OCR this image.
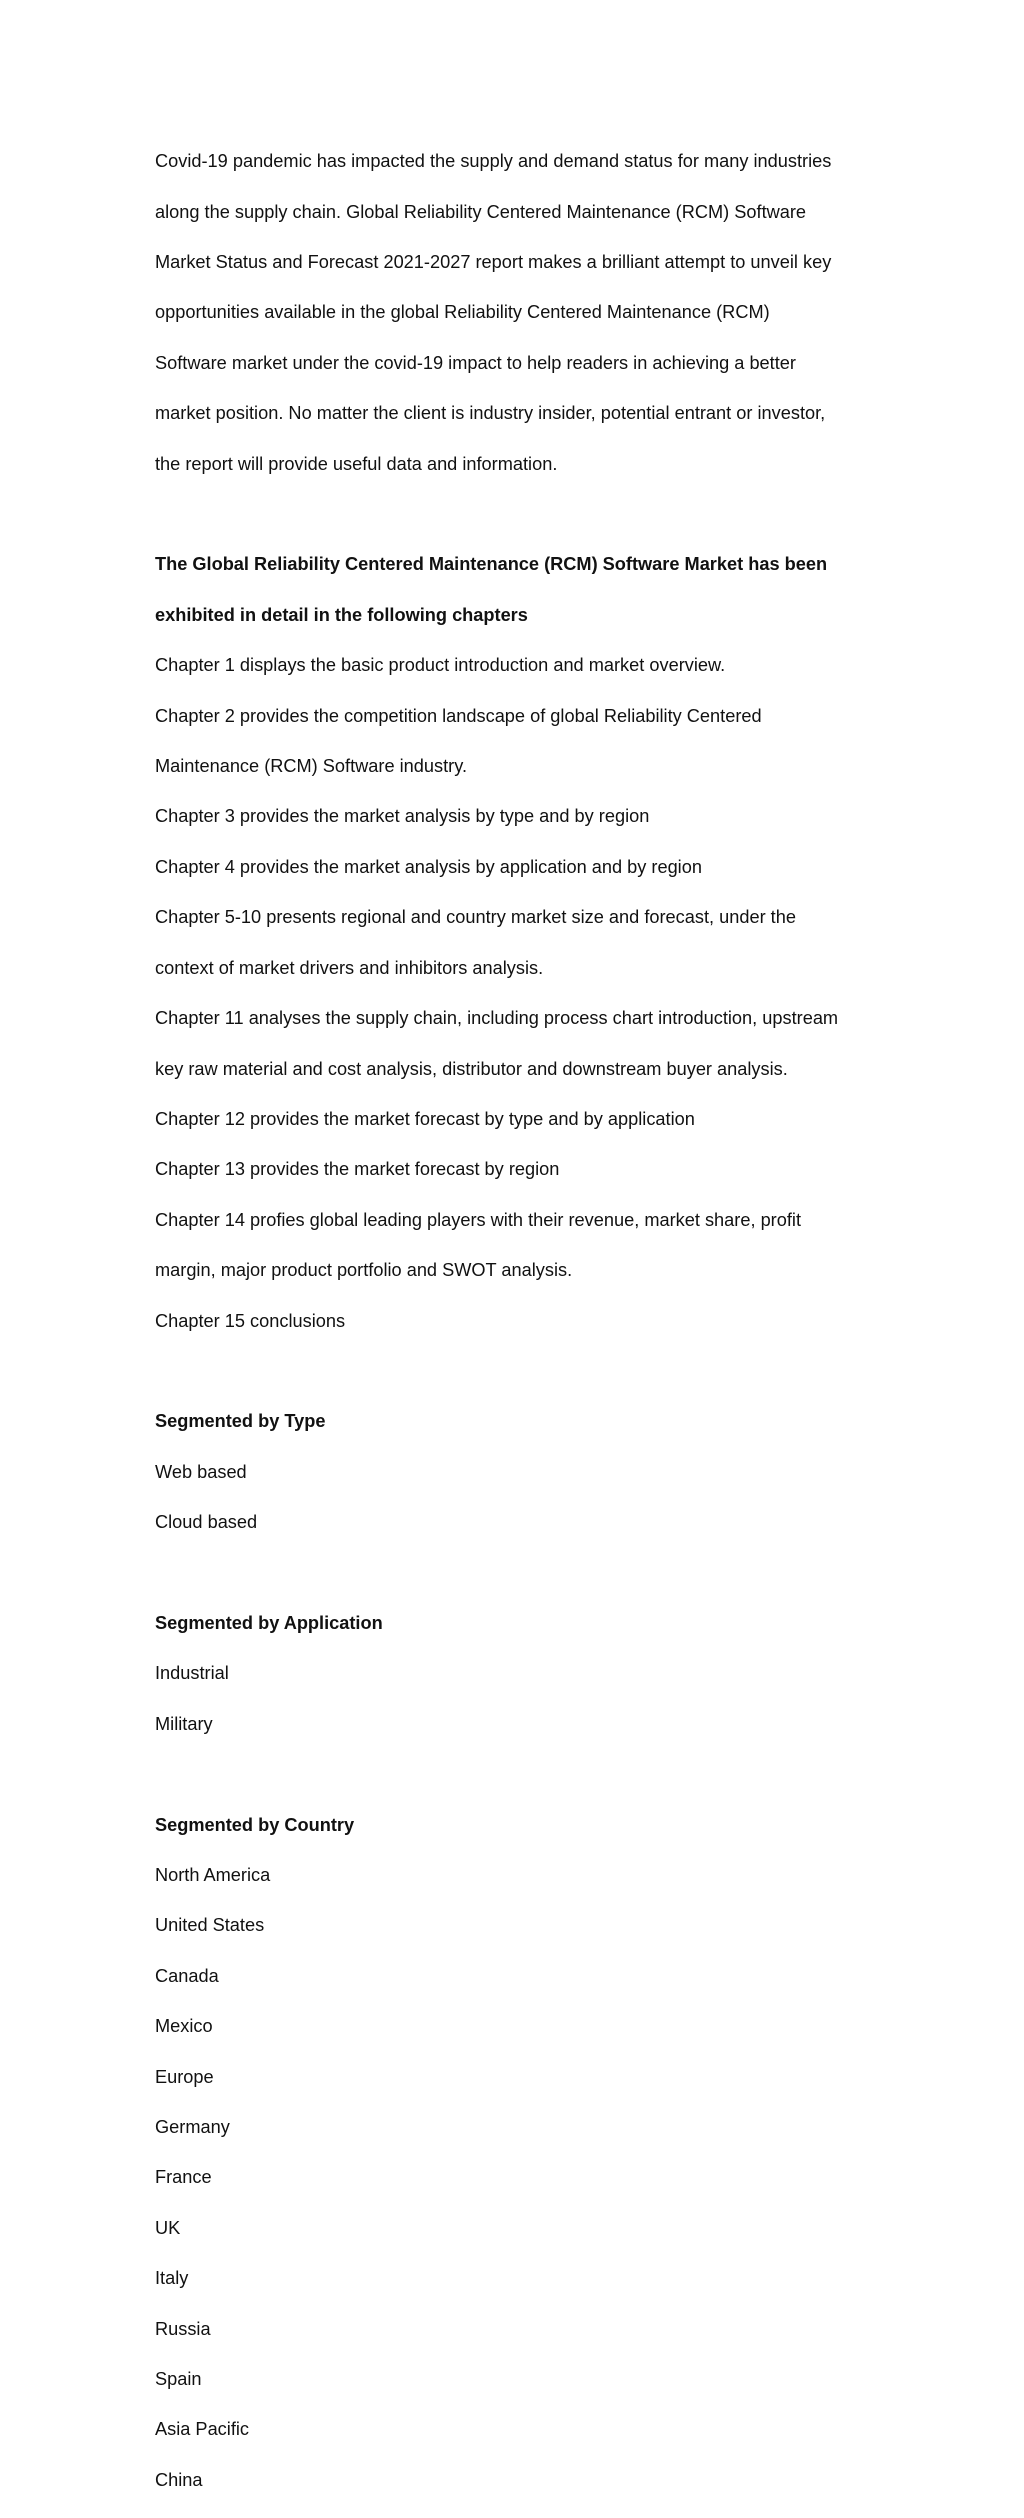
Covid-19 pandemic has impacted the supply and demand status for many industries

along the supply chain. Global Reliability Centered Maintenance (RCM) Software

Market Status and Forecast 2021-2027 report makes a brilliant attempt to unveil key

opportunities available in the global Reliability Centered Maintenance (RCM)

Software market under the covid-19 impact to help readers in achieving a better

market position. No matter the client is industry insider, potential entrant or investor,

the report will provide useful data and information.

The Global Reliability Centered Maintenance (RCM) Software Market has been

exhibited in detail in the following chapters

Chapter 1 displays the basic product introduction and market overview.

Chapter 2 provides the competition landscape of global Reliability Centered

Maintenance (RCM) Software industry.

Chapter 3 provides the market analysis by type and by region

Chapter 4 provides the market analysis by application and by region

Chapter 5-10 presents regional and country market size and forecast, under the

context of market drivers and inhibitors analysis.

Chapter 11 analyses the supply chain, including process chart introduction, upstream

key raw material and cost analysis, distributor and downstream buyer analysis.

Chapter 12 provides the market forecast by type and by application

Chapter 13 provides the market forecast by region

Chapter 14 profies global leading players with their revenue, market share, profit

margin, major product portfolio and SWOT analysis.

Chapter 15 conclusions

Segmented by Type

Web based

Cloud based

Segmented by Application

Industrial

Military

Segmented by Country

North America

United States

Canada

Mexico

Europe

Germany

France

UK

Italy

Russia

Spain

Asia Pacific

China
